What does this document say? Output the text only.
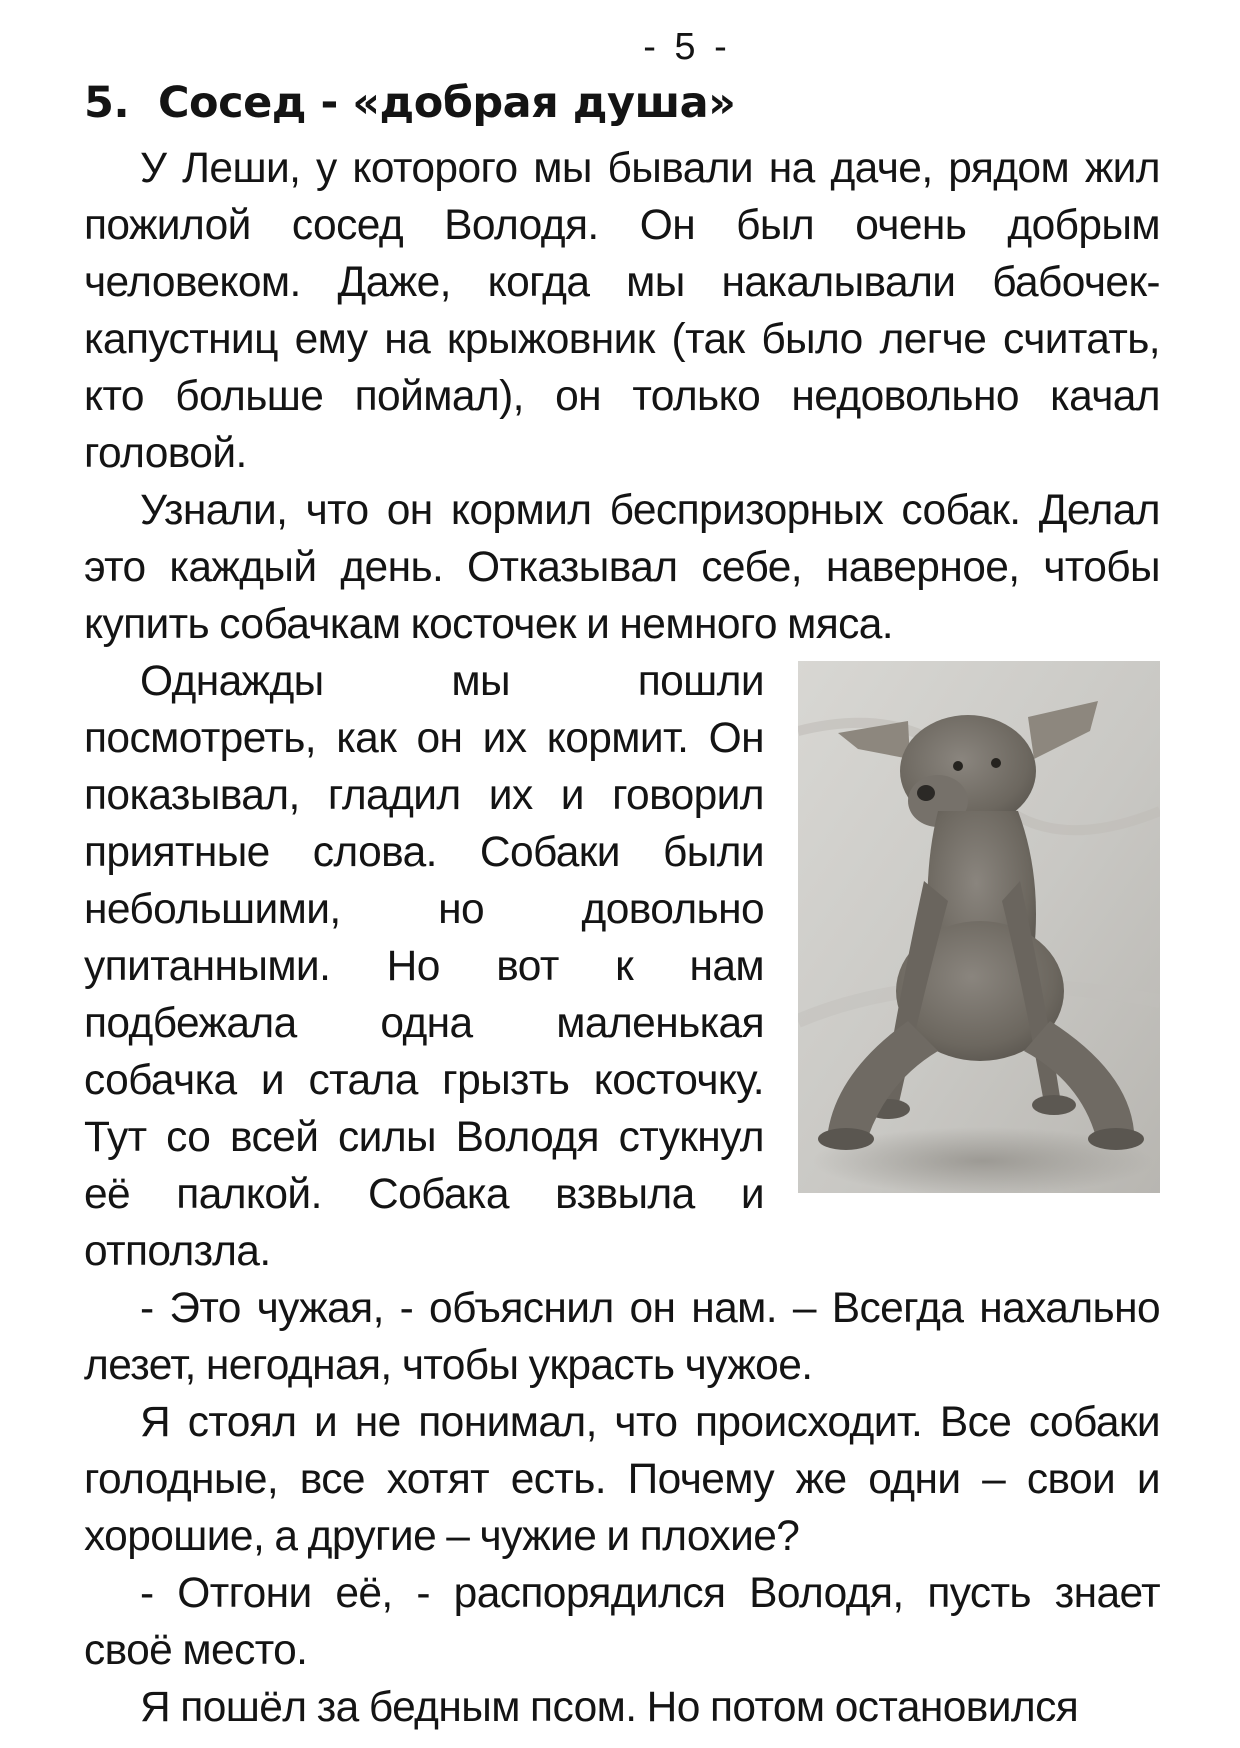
- 5 -
5. Сосед - «добрая душа»

У Леши, у которого мы бывали на даче, рядом жил пожилой сосед Володя. Он был очень добрым человеком. Даже, когда мы накалывали бабочек-капустниц ему на крыжовник (так было легче считать, кто больше поймал), он только недовольно качал головой.

Узнали, что он кормил беспризорных собак. Делал это каждый день. Отказывал себе, наверное, чтобы купить собачкам косточек и немного мяса.

Однажды мы пошли посмотреть, как он их кормит. Он показывал, гладил их и говорил приятные слова. Собаки были небольшими, но довольно упитанными. Но вот к нам подбежала одна маленькая собачка и стала грызть косточку. Тут со всей силы Володя стукнул её палкой. Собака взвыла и отползла.

- Это чужая, - объяснил он нам. – Всегда нахально лезет, негодная, чтобы украсть чужое.

Я стоял и не понимал, что происходит. Все собаки голодные, все хотят есть. Почему же одни – свои и хорошие, а другие – чужие и плохие?

- Отгони её, - распорядился Володя, пусть знает своё место.

Я пошёл за бедным псом. Но потом остановился
